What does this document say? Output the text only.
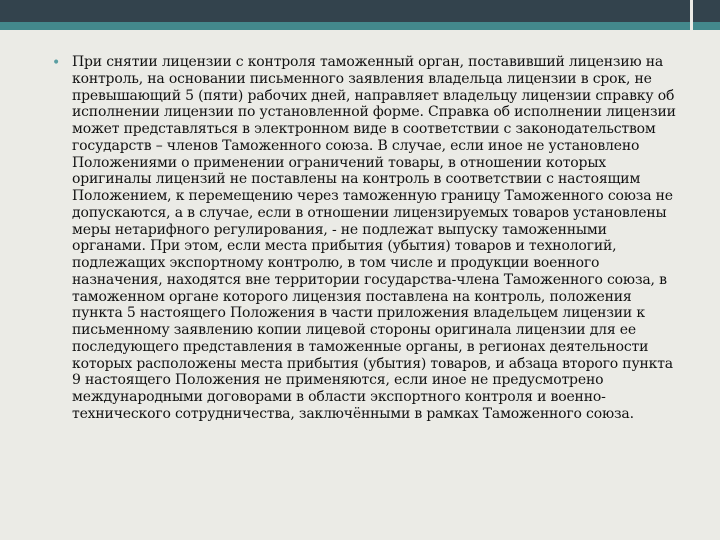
• При снятии лицензии с контроля таможенный орган, поставивший лицензию на контроль, на основании письменного заявления владельца лицензии в срок, не превышающий 5 (пяти) рабочих дней, направляет владельцу лицензии справку об исполнении лицензии по установленной форме. Справка об исполнении лицензии может представляться в электронном виде в соответствии с законодательством государств – членов Таможенного союза. В случае, если иное не установлено Положениями о применении ограничений товары, в отношении которых оригиналы лицензий не поставлены на контроль в соответствии с настоящим Положением, к перемещению через таможенную границу Таможенного союза не допускаются, а в случае, если в отношении лицензируемых товаров установлены меры нетарифного регулирования, - не подлежат выпуску таможенными органами. При этом, если места прибытия (убытия) товаров и технологий, подлежащих экспортному контролю, в том числе и продукции военного назначения, находятся вне территории государства-члена Таможенного союза, в таможенном органе которого лицензия поставлена на контроль, положения пункта 5 настоящего Положения в части приложения владельцем лицензии к письменному заявлению копии лицевой стороны оригинала лицензии для ее последующего представления в таможенные органы, в регионах деятельности которых расположены места прибытия (убытия) товаров, и абзаца второго пункта 9 настоящего Положения не применяются, если иное не предусмотрено международными договорами в области экспортного контроля и военно-технического сотрудничества, заключёнными в рамках Таможенного союза.
